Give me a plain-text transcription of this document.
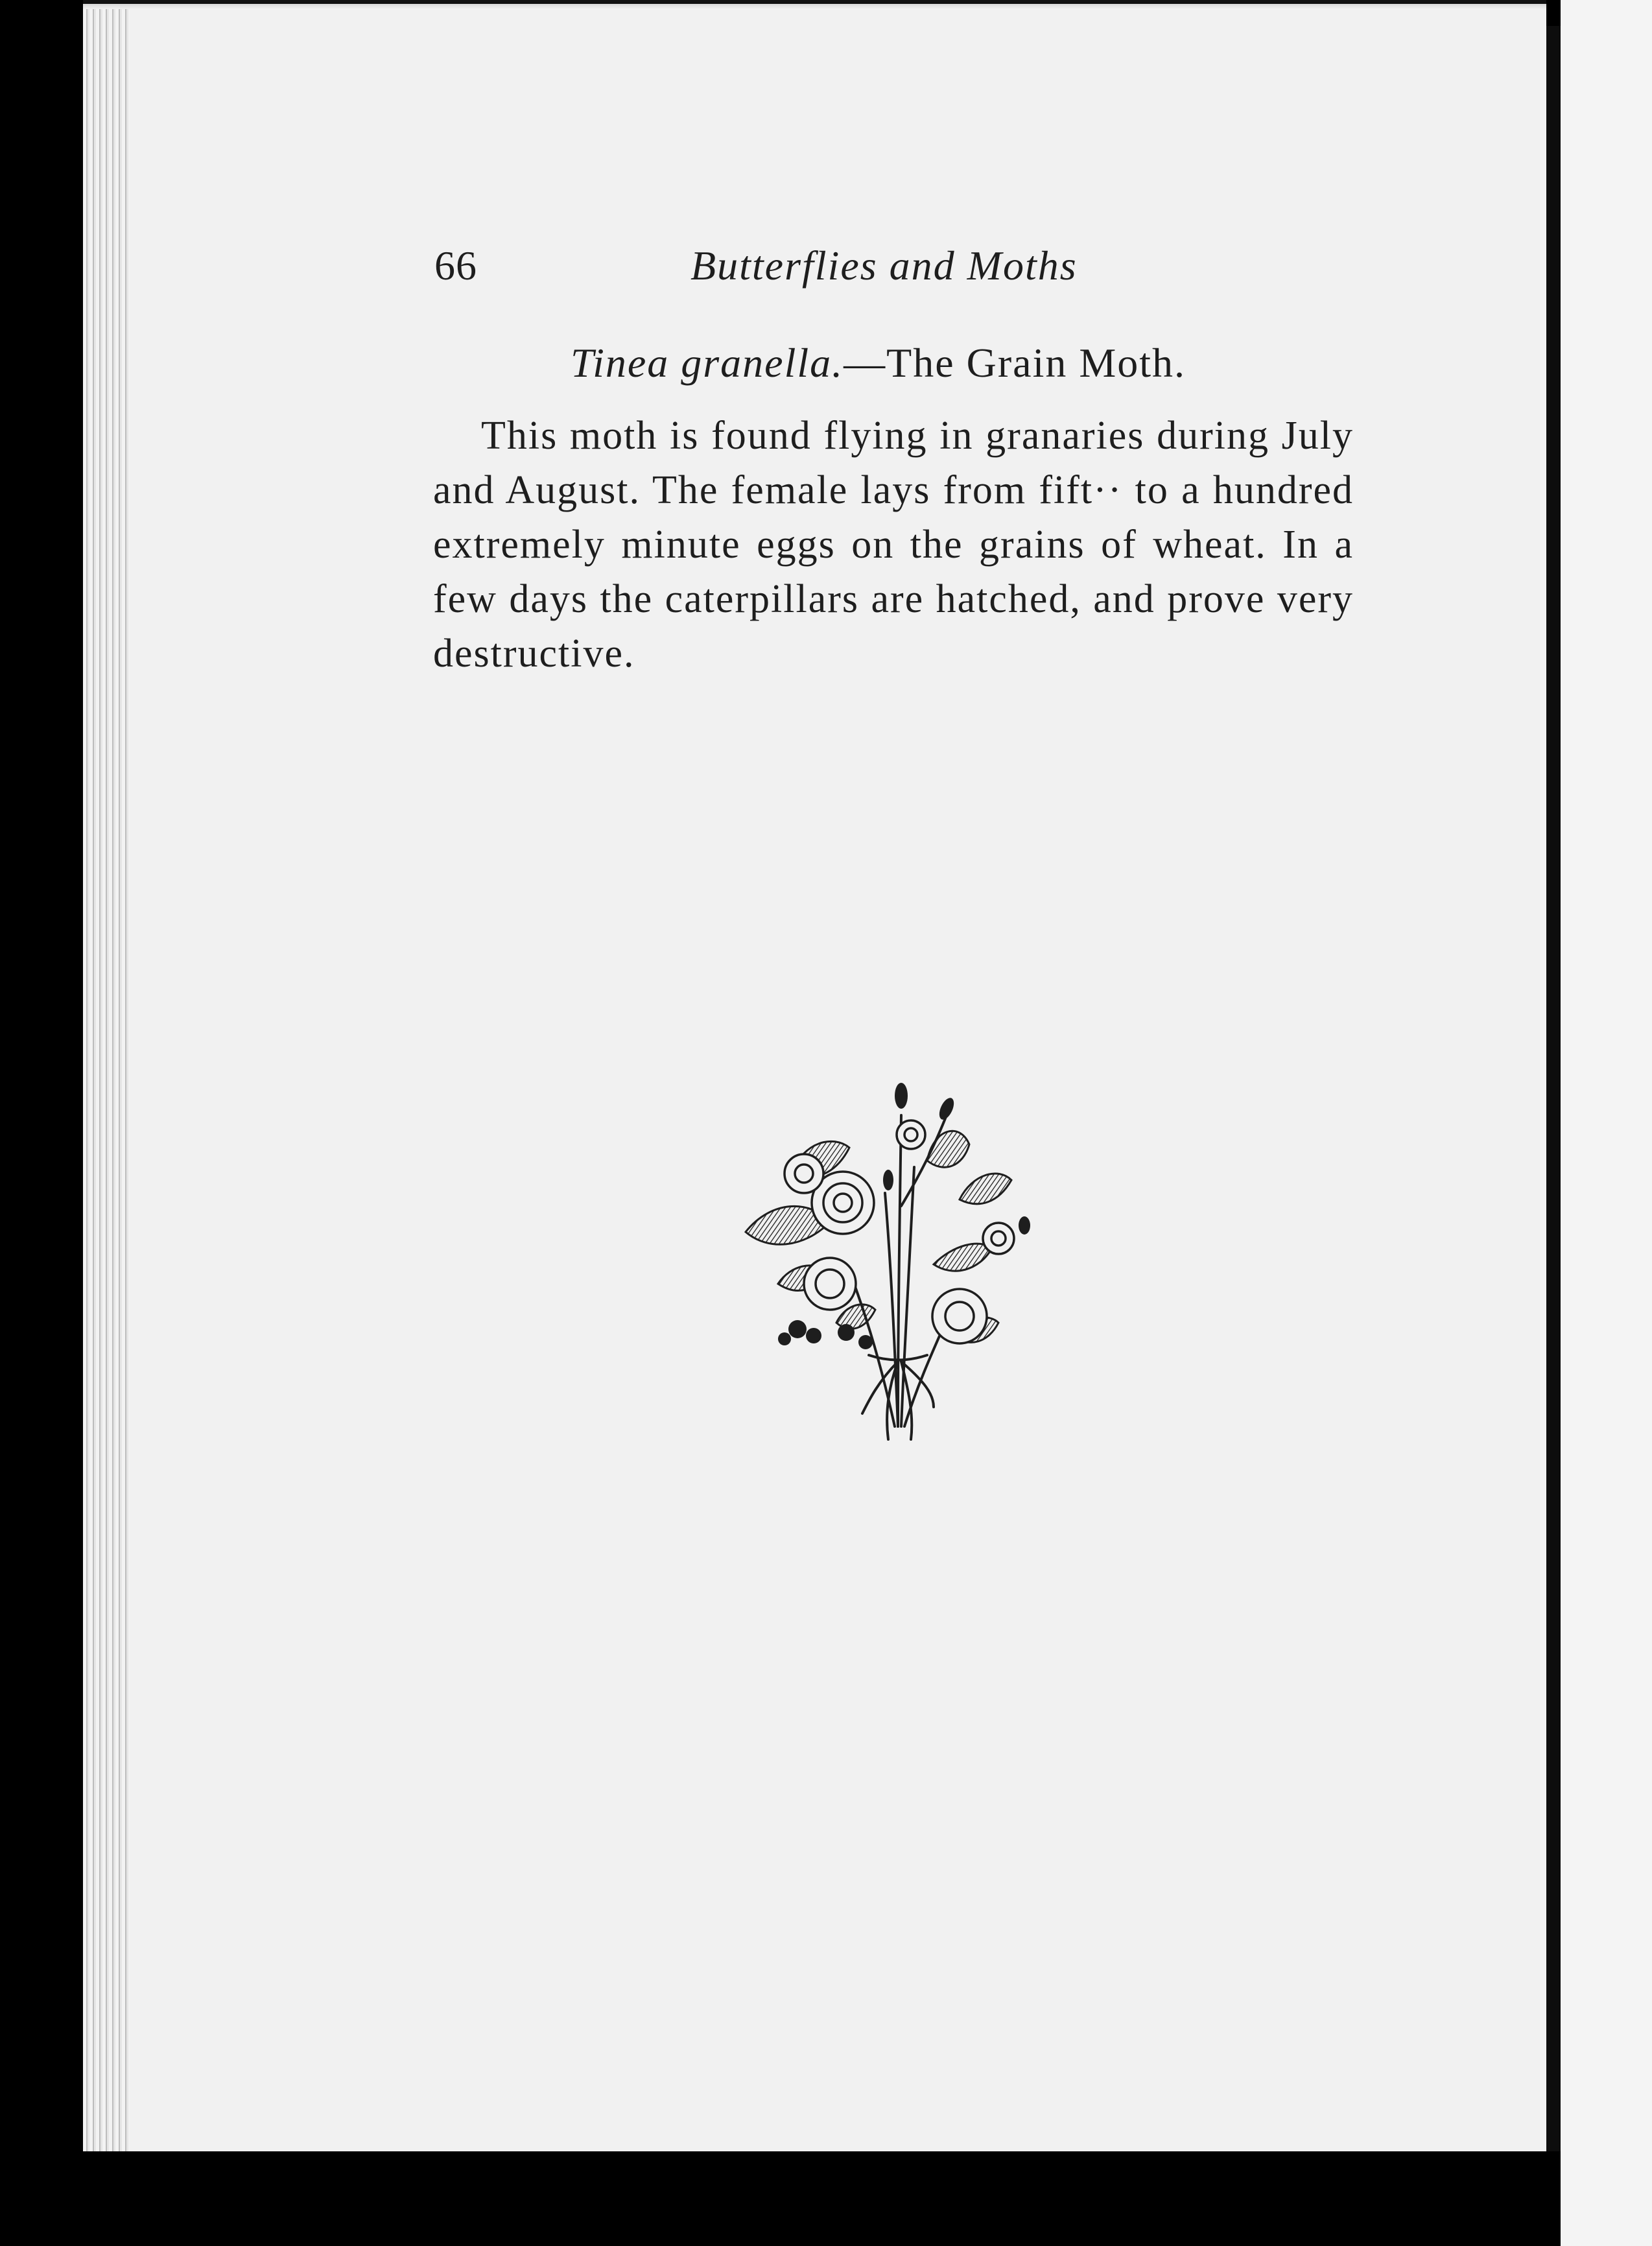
66	Butterflies and Moths
Tinea granella.—The Grain Moth.

This moth is found flying in granaries during July and August. The female lays from fift·· to a hundred extremely minute eggs on the grains of wheat. In a few days the caterpillars are hatched, and prove very destructive.
